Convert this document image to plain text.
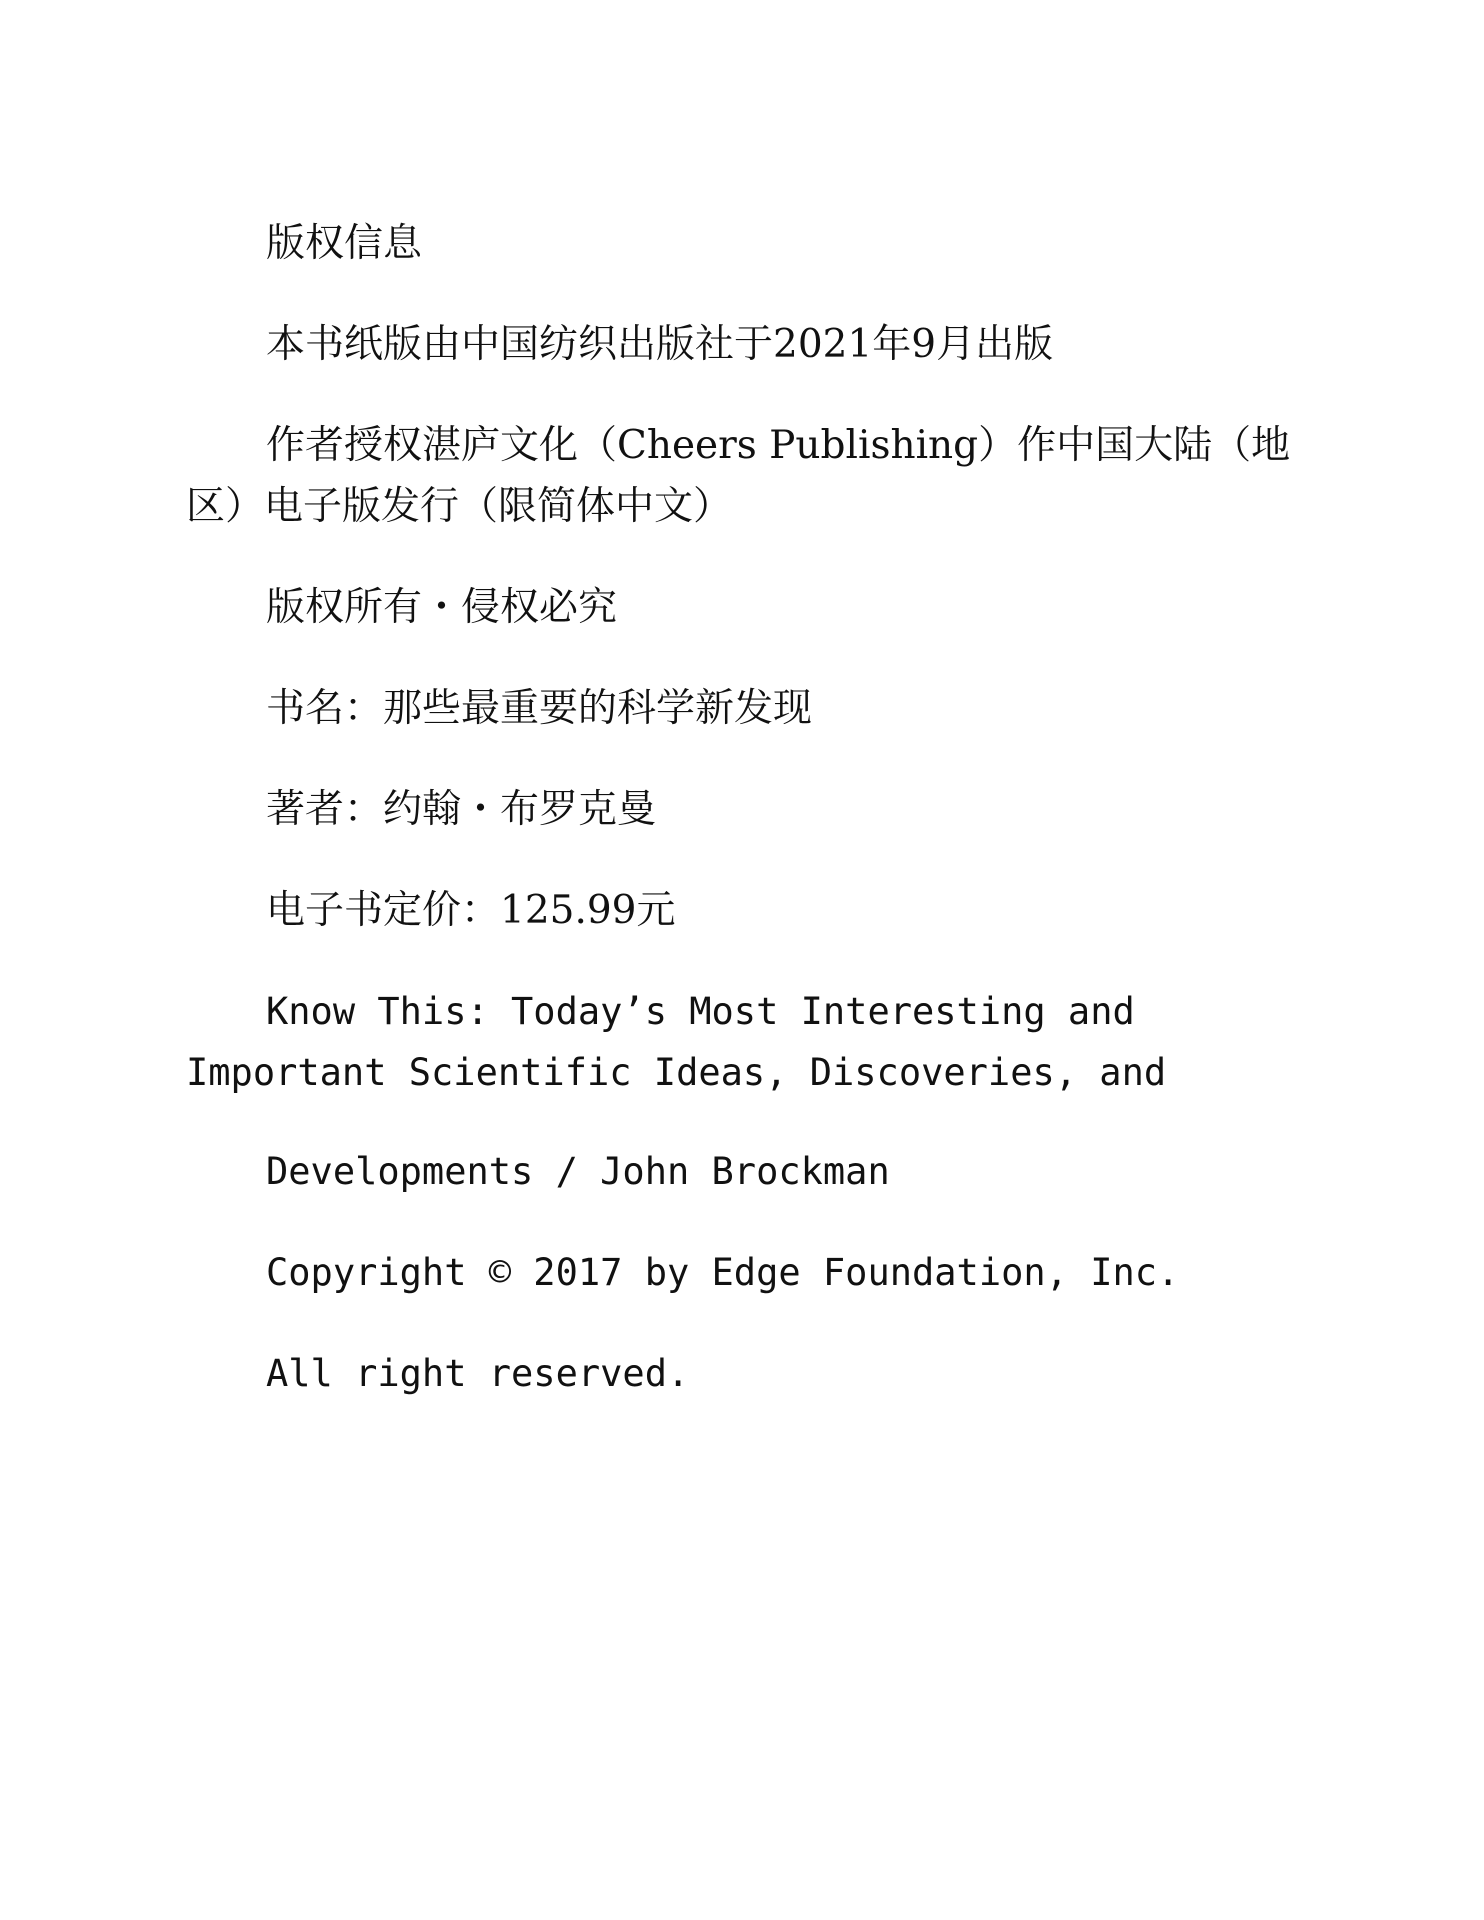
版权信息

本书纸版由中国纺织出版社于2021年9月出版

作者授权湛庐文化（Cheers Publishing）作中国大陆（地区）电子版发行（限简体中文）

版权所有・侵权必究

书名：那些最重要的科学新发现

著者：约翰・布罗克曼

电子书定价：125.99元

Know This: Today’s Most Interesting and Important Scientific Ideas, Discoveries, and

Developments / John Brockman

Copyright © 2017 by Edge Foundation, Inc.

All right reserved.
